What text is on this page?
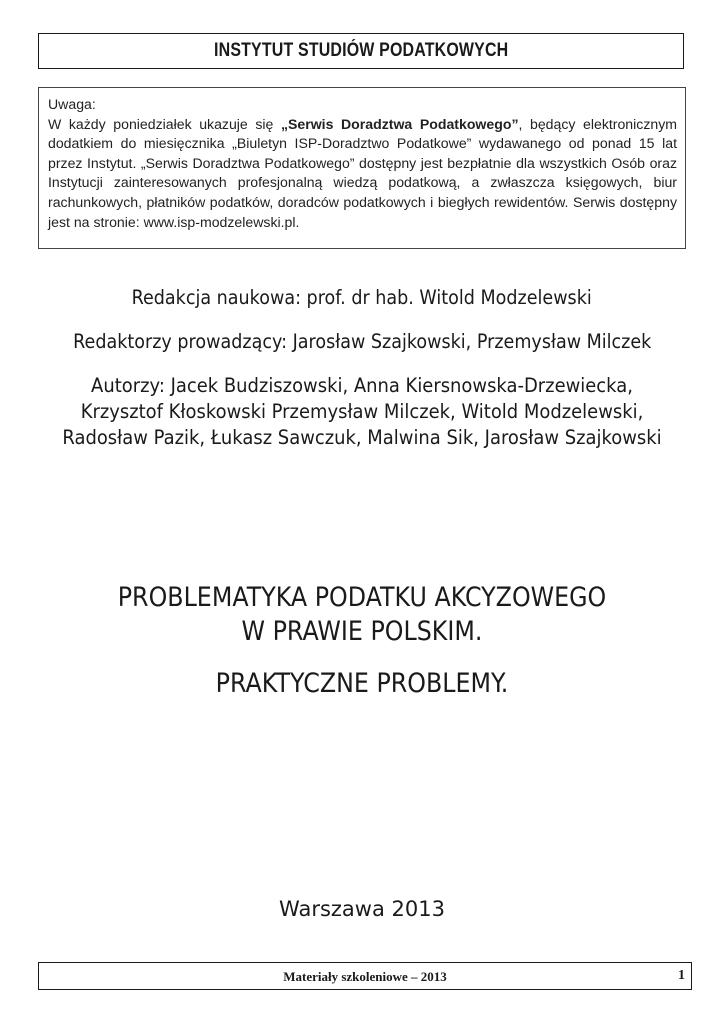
INSTYTUT STUDIÓW PODATKOWYCH
Uwaga:
W każdy poniedziałek ukazuje się „Serwis Doradztwa Podatkowego”, będący elektronicznym dodatkiem do miesięcznika „Biuletyn ISP-Doradztwo Podatkowe” wydawanego od ponad 15 lat przez Instytut. „Serwis Doradztwa Podatkowego” dostępny jest bezpłatnie dla wszystkich Osób oraz Instytucji zainteresowanych profesjonalną wiedzą podatkową, a zwłaszcza księgowych, biur rachunkowych, płatników podatków, doradców podatkowych i biegłych rewidentów. Serwis dostępny jest na stronie: www.isp-modzelewski.pl.
Redakcja naukowa: prof. dr hab. Witold Modzelewski
Redaktorzy prowadzący: Jarosław Szajkowski, Przemysław Milczek
Autorzy: Jacek Budziszowski, Anna Kiersnowska-Drzewiecka, Krzysztof Kłoskowski Przemysław Milczek, Witold Modzelewski, Radosław Pazik, Łukasz Sawczuk, Malwina Sik, Jarosław Szajkowski
PROBLEMATYKA PODATKU AKCYZOWEGO
W PRAWIE POLSKIM.
PRAKTYCZNE PROBLEMY.
Warszawa 2013
Materiały szkoleniowe – 2013	1
